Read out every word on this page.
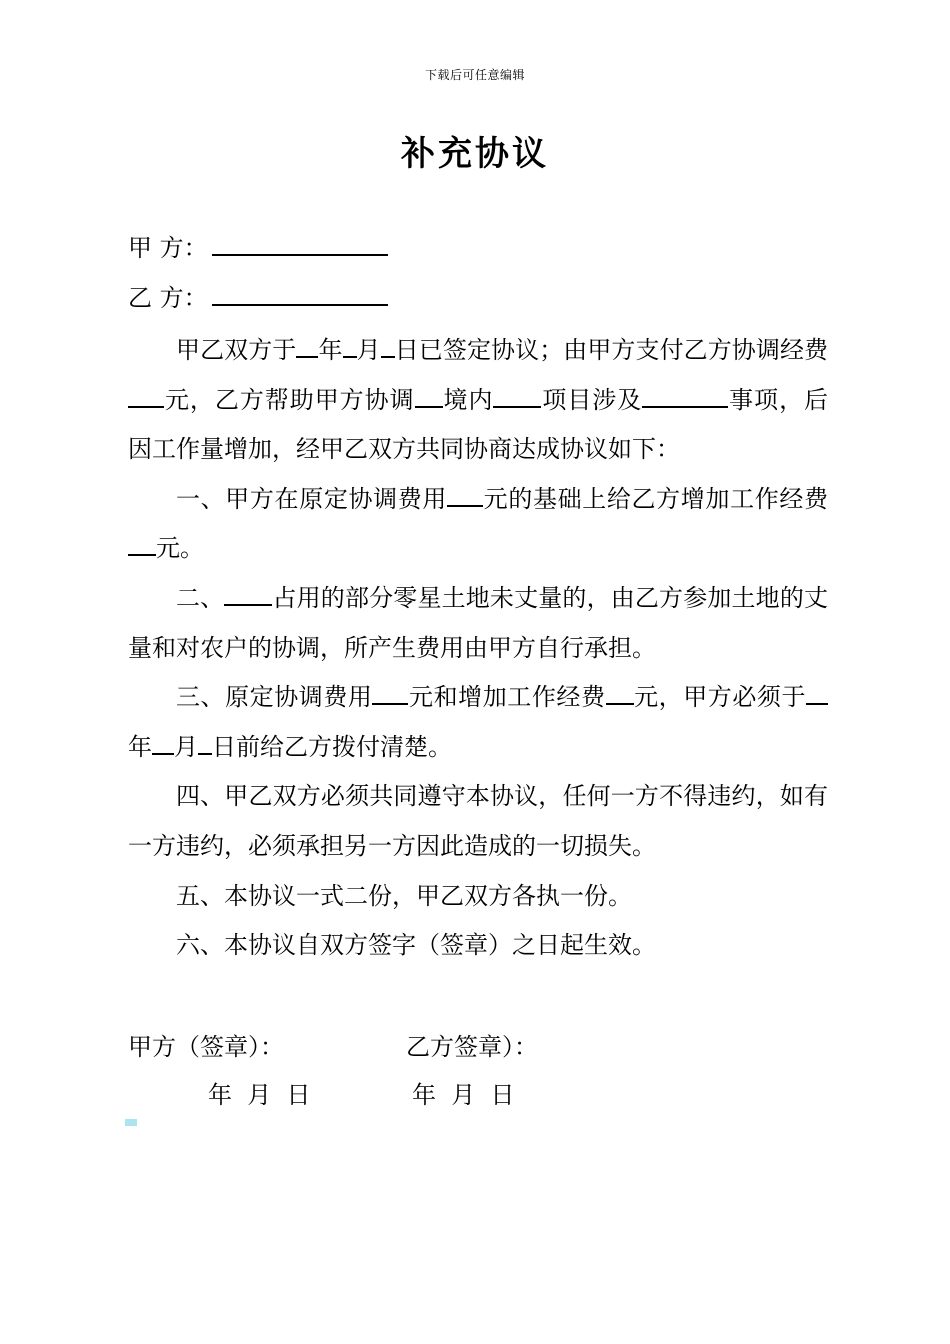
下载后可任意编辑
补充协议
甲 方：
乙 方：

甲乙双方于 年 月 日已签定协议；由甲方支付乙方协调经费元，乙方帮助甲方协调 境内 项目涉及	事项，后因工作量增加，经甲乙双方共同协商达成协议如下：

一、甲方在原定协调费用 元的基础上给乙方增加工作经费元。

二、 占用的部分零星土地未丈量的，由乙方参加土地的丈量和对农户的协调，所产生费用由甲方自行承担。

三、原定协调费用 元和增加工作经费 元，甲方必须于年 月 日前给乙方拨付清楚。

四、甲乙双方必须共同遵守本协议，任何一方不得违约，如有一方违约，必须承担另一方因此造成的一切损失。

五、本协议一式二份，甲乙双方各执一份。

六、本协议自双方签字（签章）之日起生效。

甲方（签章）：	乙方签章）：
年  月  日	年  月  日
